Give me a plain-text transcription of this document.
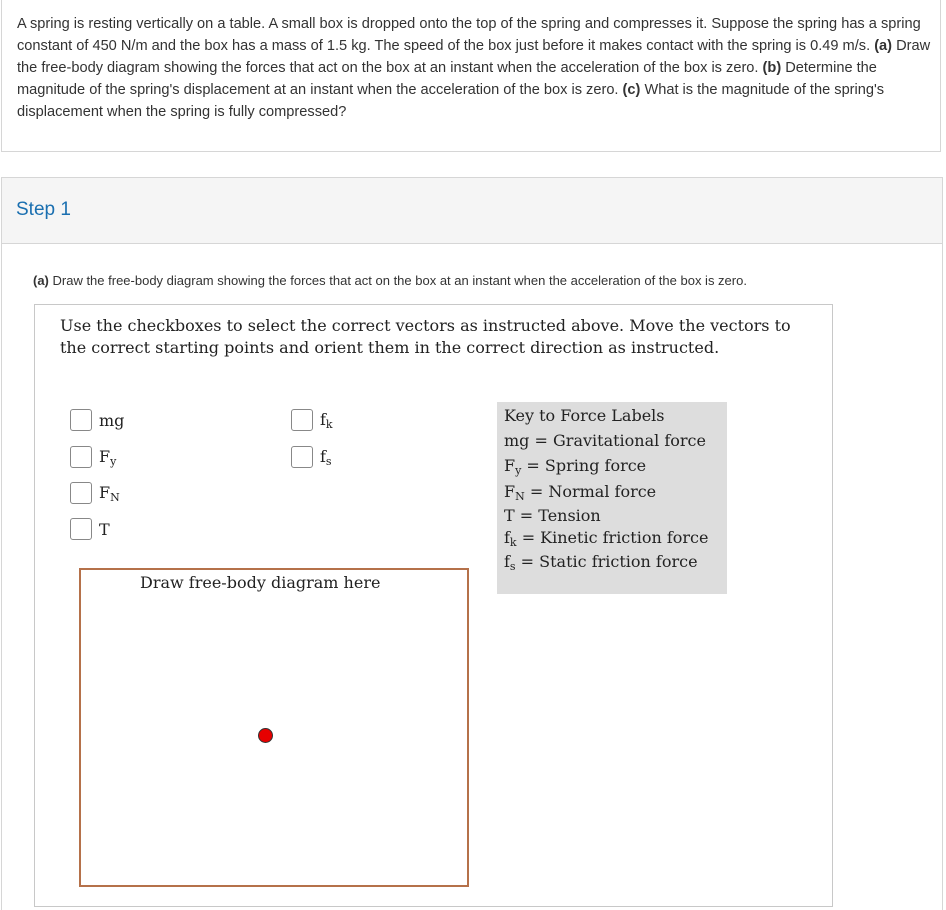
A spring is resting vertically on a table. A small box is dropped onto the top of the spring and compresses it. Suppose the spring has a spring constant of 450 N/m and the box has a mass of 1.5 kg. The speed of the box just before it makes contact with the spring is 0.49 m/s. (a) Draw the free-body diagram showing the forces that act on the box at an instant when the acceleration of the box is zero. (b) Determine the magnitude of the spring's displacement at an instant when the acceleration of the box is zero. (c) What is the magnitude of the spring's displacement when the spring is fully compressed?
Step 1
(a) Draw the free-body diagram showing the forces that act on the box at an instant when the acceleration of the box is zero.
Use the checkboxes to select the correct vectors as instructed above. Move the vectors to the correct starting points and orient them in the correct direction as instructed.
mg
$F_y$
$F_N$
T
$f_k$
$f_s$
Key to Force Labels
mg = Gravitational force
$F_y$ = Spring force
$F_N$ = Normal force
T = Tension
$f_k$ = Kinetic friction force
$f_s$ = Static friction force
Draw free-body diagram here
